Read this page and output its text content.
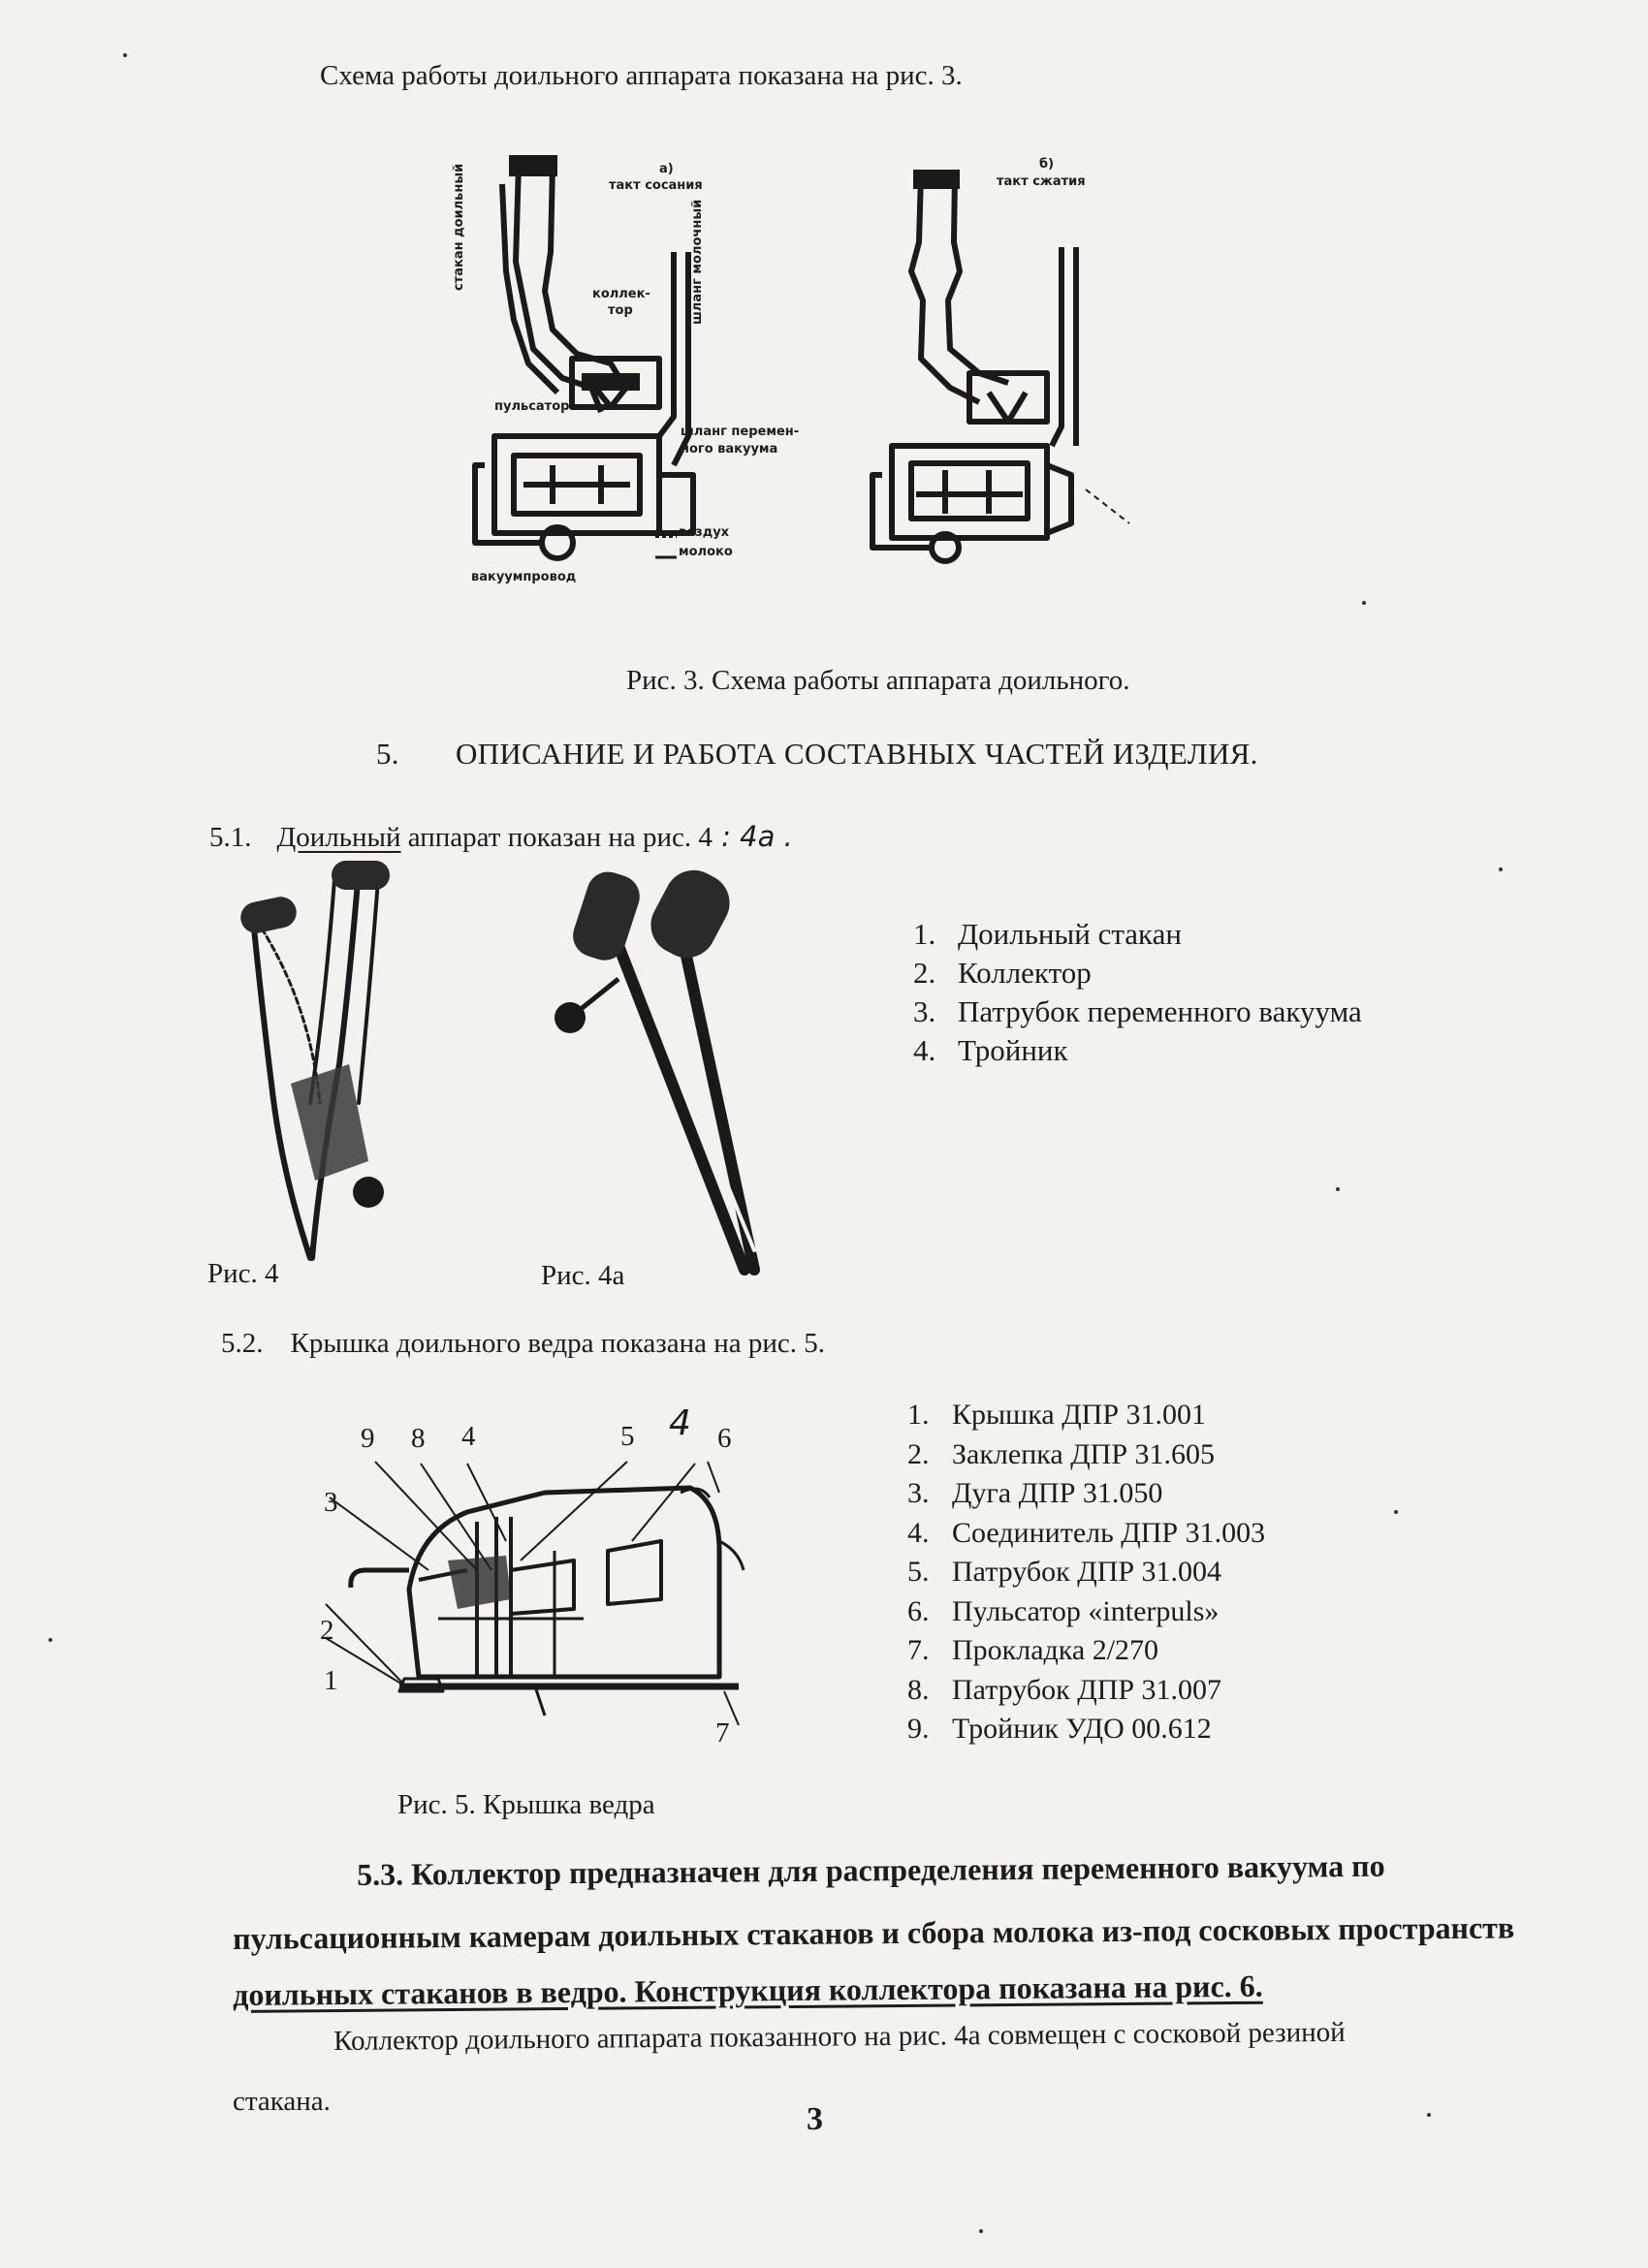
Схема работы доильного аппарата показана на рис. 3.
а)
такт сосания
б)
такт сжатия
стакан доильный	шланг молочный
коллек-
тор
пульсатор
шланг перемен-
ного вакуума
воздух
молоко
вакуумпровод
Рис. 3. Схема работы аппарата доильного.
5. ОПИСАНИЕ И РАБОТА СОСТАВНЫХ ЧАСТЕЙ ИЗДЕЛИЯ.
5.1. Доильный аппарат показан на рис. 4 : 4а .
Рис. 4	Рис. 4а
1. Доильный стакан
2. Коллектор
3. Патрубок переменного вакуума
4. Тройник
5.2. Крышка доильного ведра показана на рис. 5.
9 8 4	5 4 6
3
2
1
7
Рис. 5. Крышка ведра
1. Крышка ДПР 31.001
2. Заклепка ДПР 31.605
3. Дуга ДПР 31.050
4. Соединитель ДПР 31.003
5. Патрубок ДПР 31.004
6. Пульсатор «interpuls»
7. Прокладка 2/270
8. Патрубок ДПР 31.007
9. Тройник УДО 00.612
5.3. Коллектор предназначен для распределения переменного вакуума по
пульсационным камерам доильных стаканов и сбора молока из-под сосковых пространств
доильных стаканов в ведро. Конструкция коллектора показана на рис. 6.
Коллектор доильного аппарата показанного на рис. 4а совмещен с сосковой резиной
стакана.	3
